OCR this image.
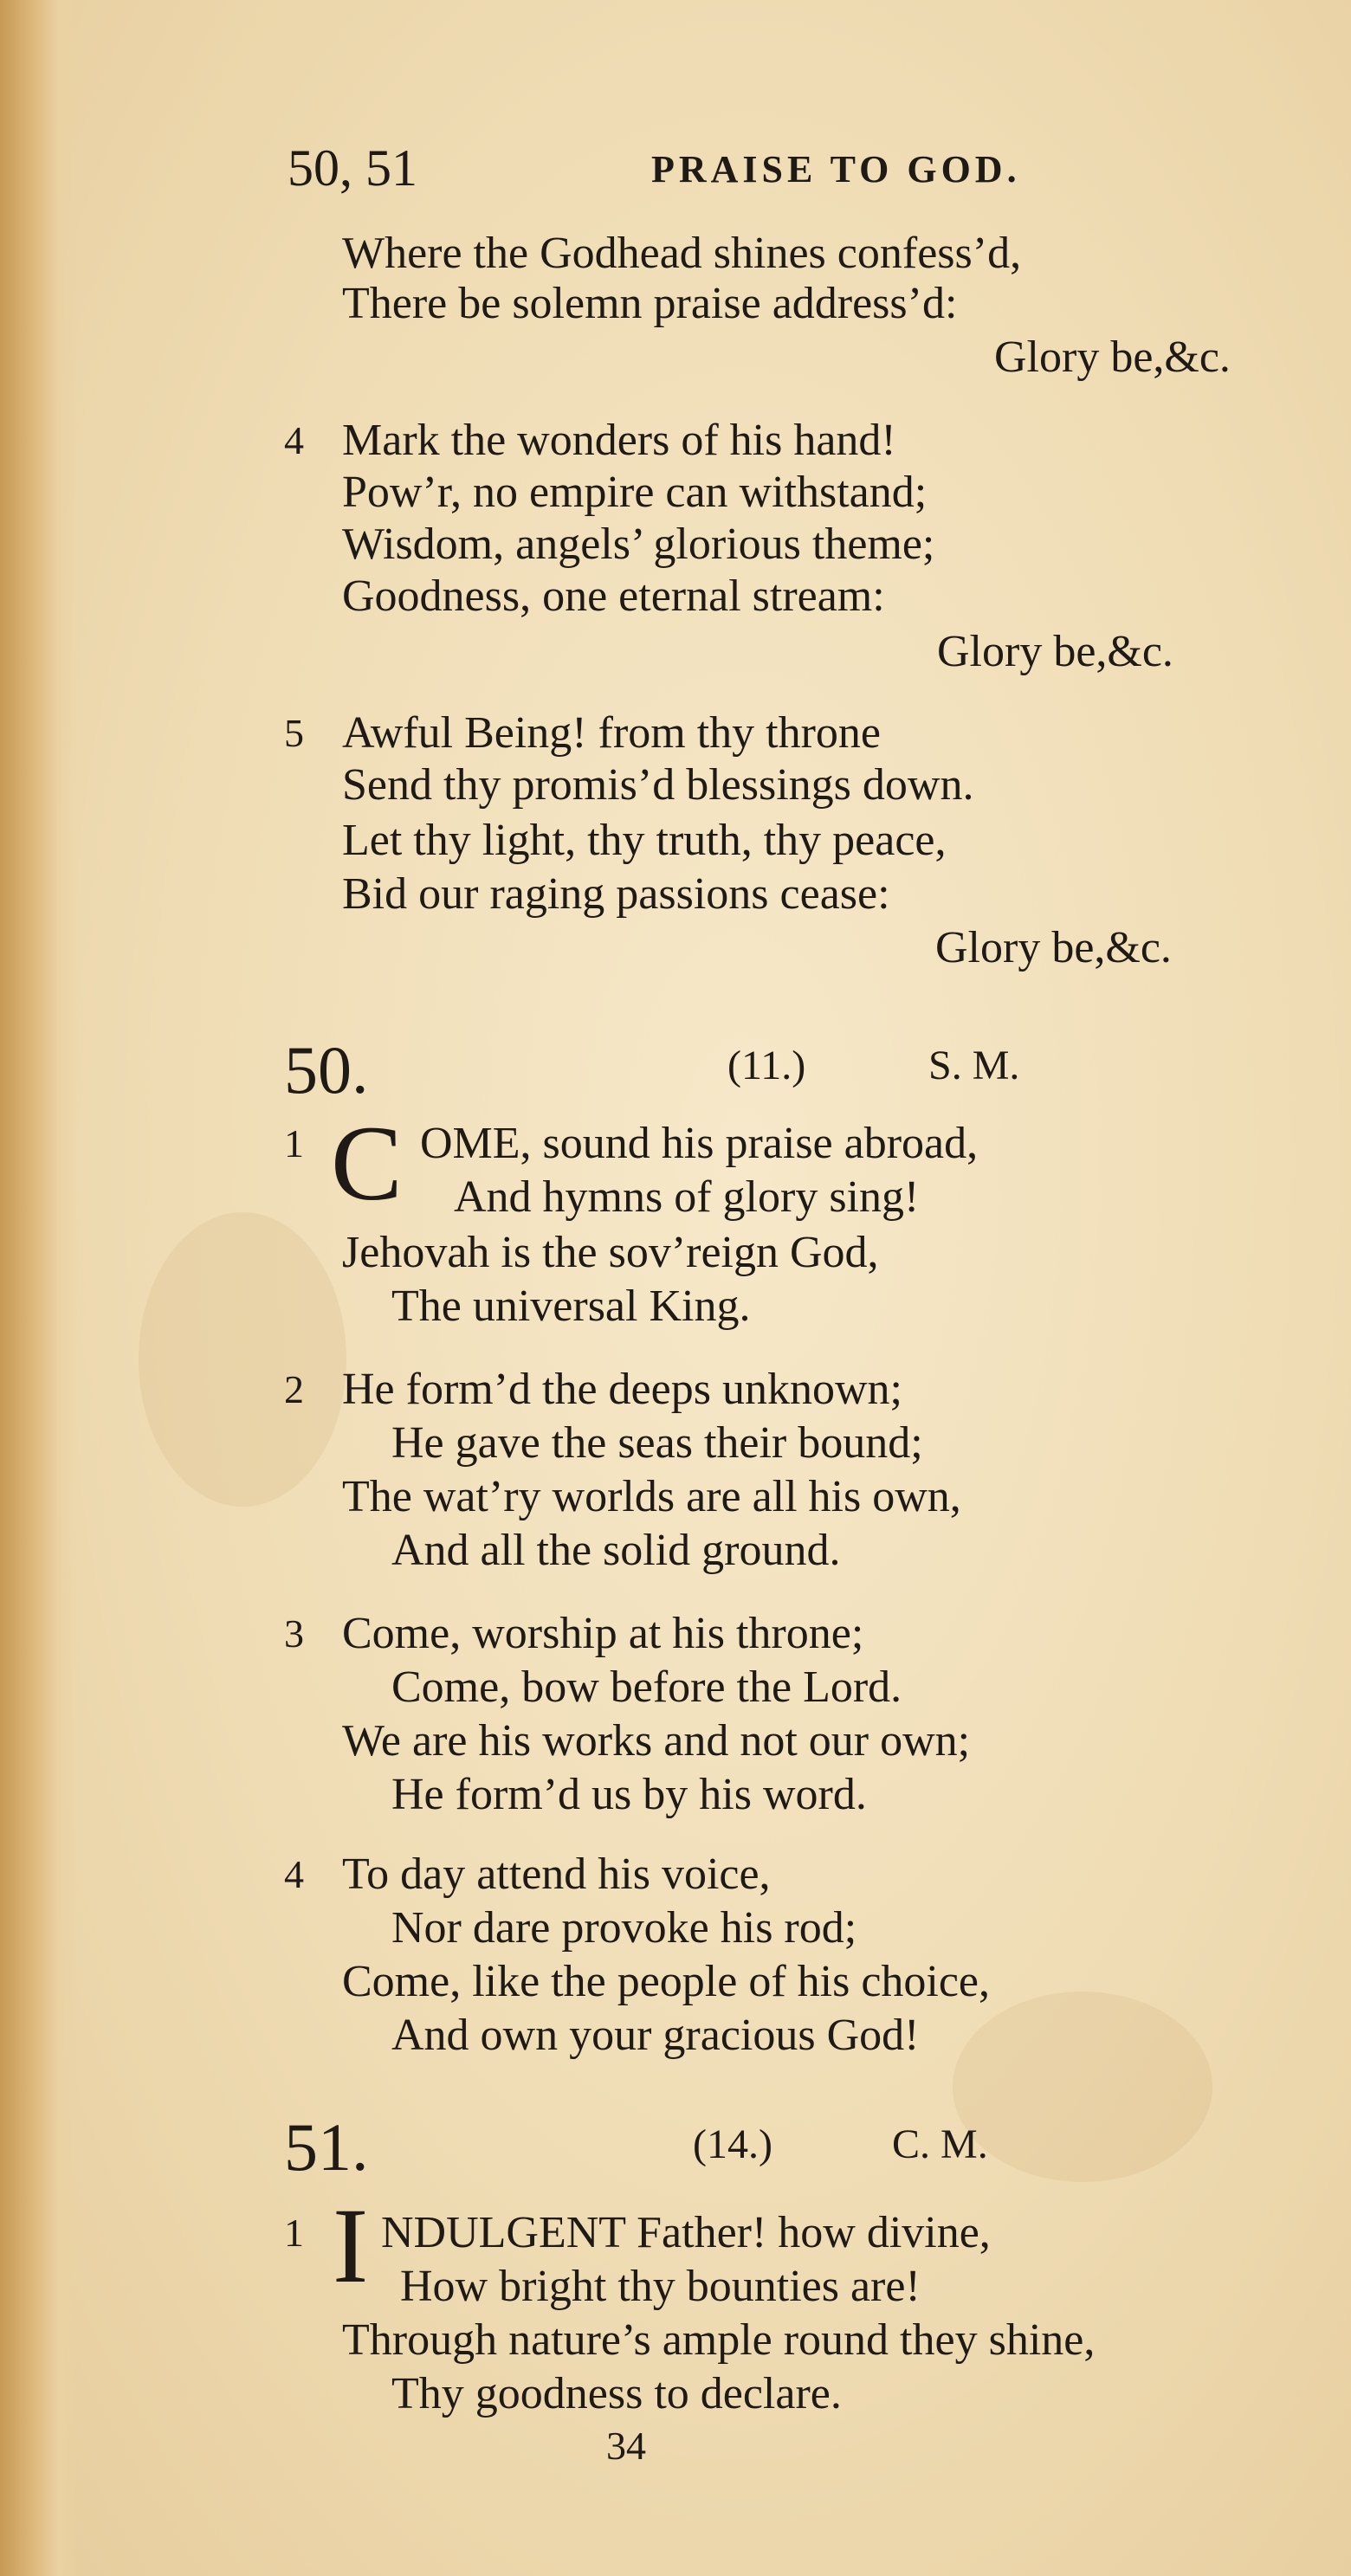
50, 51	PRAISE TO GOD.
Where the Godhead shines confess’d,
There be solemn praise address’d:
Glory be,&c.
4 Mark the wonders of his hand!
Pow’r, no empire can withstand;
Wisdom, angels’ glorious theme;
Goodness, one eternal stream:
Glory be,&c.
5 Awful Being! from thy throne
Send thy promis’d blessings down.
Let thy light, thy truth, thy peace,
Bid our raging passions cease:
Glory be,&c.
50.	(11.)	S. M.
1 C OME, sound his praise abroad,
And hymns of glory sing!
Jehovah is the sov’reign God,
The universal King.
2 He form’d the deeps unknown;
He gave the seas their bound;
The wat’ry worlds are all his own,
And all the solid ground.
3 Come, worship at his throne;
Come, bow before the Lord.
We are his works and not our own;
He form’d us by his word.
4 To day attend his voice,
Nor dare provoke his rod;
Come, like the people of his choice,
And own your gracious God!
51.	(14.)	C. M.
1 I NDULGENT Father! how divine,
How bright thy bounties are!
Through nature’s ample round they shine,
Thy goodness to declare.
34
